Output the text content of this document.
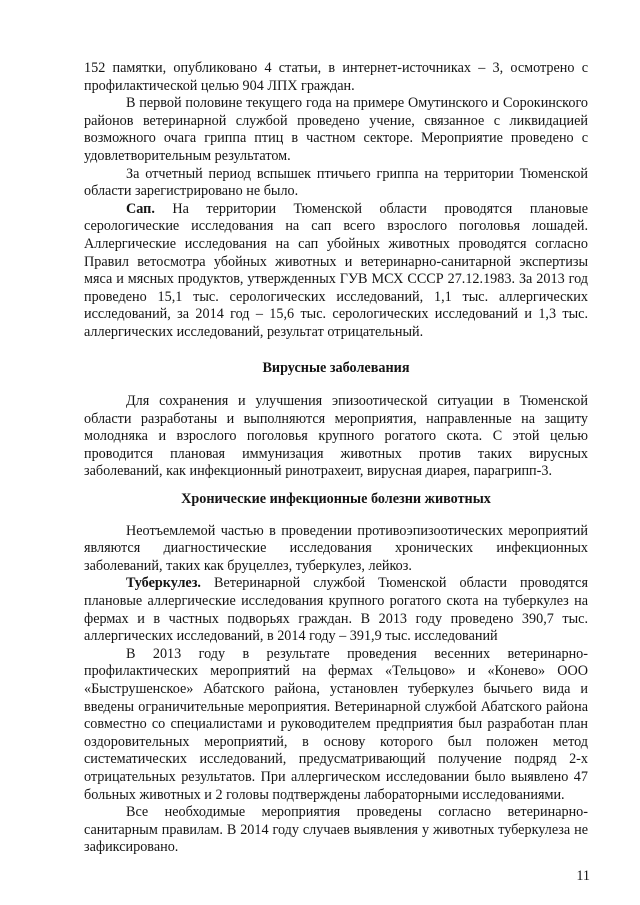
152 памятки, опубликовано 4 статьи, в интернет-источниках – 3, осмотрено с профилактической целью 904 ЛПХ граждан.

В первой половине текущего года на примере Омутинского и Сорокинского районов ветеринарной службой проведено учение, связанное с ликвидацией возможного очага гриппа птиц в частном секторе. Мероприятие проведено с удовлетворительным результатом.

За отчетный период вспышек птичьего гриппа на территории Тюменской области зарегистрировано не было.

Сап. На территории Тюменской области проводятся плановые серологические исследования на сап всего взрослого поголовья лошадей. Аллергические исследования на сап убойных животных проводятся согласно Правил ветосмотра убойных животных и ветеринарно-санитарной экспертизы мяса и мясных продуктов, утвержденных ГУВ МСХ СССР 27.12.1983. За 2013 год проведено 15,1 тыс. серологических исследований, 1,1 тыс. аллергических исследований, за 2014 год – 15,6 тыс. серологических исследований и 1,3 тыс. аллергических исследований, результат отрицательный.

Вирусные заболевания

Для сохранения и улучшения эпизоотической ситуации в Тюменской области разработаны и выполняются мероприятия, направленные на защиту молодняка и взрослого поголовья крупного рогатого скота. С этой целью проводится плановая иммунизация животных против таких вирусных заболеваний, как инфекционный ринотрахеит, вирусная диарея, парагрипп-3.

Хронические инфекционные болезни животных

Неотъемлемой частью в проведении противоэпизоотических мероприятий являются диагностические исследования хронических инфекционных заболеваний, таких как бруцеллез, туберкулез, лейкоз.

Туберкулез. Ветеринарной службой Тюменской области проводятся плановые аллергические исследования крупного рогатого скота на туберкулез на фермах и в частных подворьях граждан. В 2013 году проведено 390,7 тыс. аллергических исследований, в 2014 году – 391,9 тыс. исследований

В 2013 году в результате проведения весенних ветеринарно-профилактических мероприятий на фермах «Тельцово» и «Конево» ООО «Быструшенское» Абатского района, установлен туберкулез бычьего вида и введены ограничительные мероприятия. Ветеринарной службой Абатского района совместно со специалистами и руководителем предприятия был разработан план оздоровительных мероприятий, в основу которого был положен метод систематических исследований, предусматривающий получение подряд 2-х отрицательных результатов. При аллергическом исследовании было выявлено 47 больных животных и 2 головы подтверждены лабораторными исследованиями.

Все необходимые мероприятия проведены согласно ветеринарно-санитарным правилам. В 2014 году случаев выявления у животных туберкулеза не зафиксировано.

11
